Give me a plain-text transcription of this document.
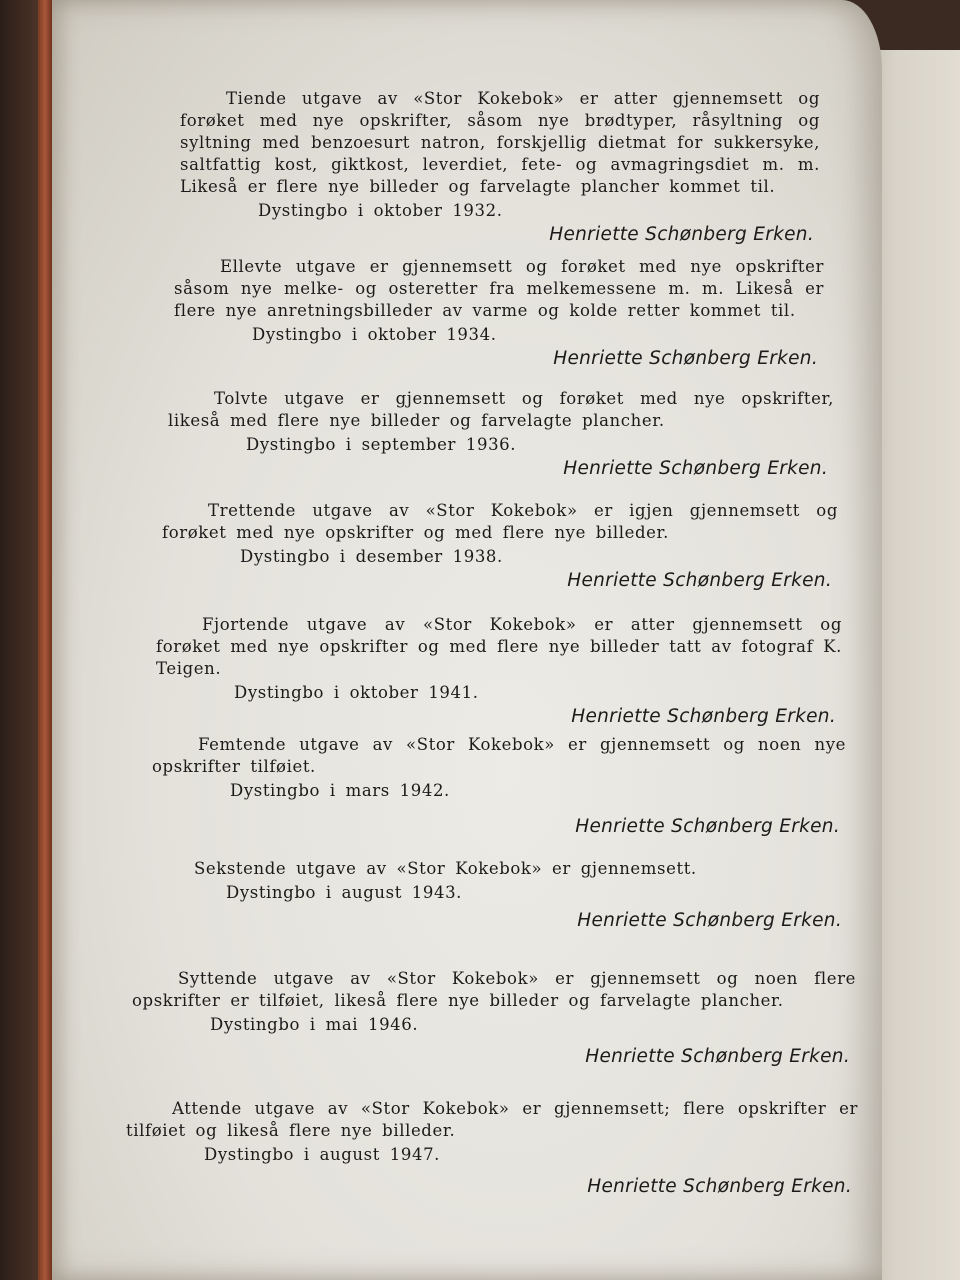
Tiende utgave av «Stor Kokebok» er atter gjennemsett og forøket med nye opskrifter, såsom nye brødtyper, råsyltning og syltning med benzoesurt natron, forskjellig dietmat for sukkersyke, saltfattig kost, giktkost, leverdiet, fete- og avmagringsdiet m. m. Likeså er flere nye billeder og farvelagte plancher kommet til.

Dystingbo i oktober 1932.

Henriette Schønberg Erken.

Ellevte utgave er gjennemsett og forøket med nye opskrifter såsom nye melke- og osteretter fra melkemessene m. m. Likeså er flere nye anretningsbilleder av varme og kolde retter kommet til.

Dystingbo i oktober 1934.

Henriette Schønberg Erken.

Tolvte utgave er gjennemsett og forøket med nye opskrifter, likeså med flere nye billeder og farvelagte plancher.

Dystingbo i september 1936.

Henriette Schønberg Erken.

Trettende utgave av «Stor Kokebok» er igjen gjennemsett og forøket med nye opskrifter og med flere nye billeder.

Dystingbo i desember 1938.

Henriette Schønberg Erken.

Fjortende utgave av «Stor Kokebok» er atter gjennemsett og forøket med nye opskrifter og med flere nye billeder tatt av fotograf K. Teigen.

Dystingbo i oktober 1941.

Henriette Schønberg Erken.

Femtende utgave av «Stor Kokebok» er gjennemsett og noen nye opskrifter tilføiet.

Dystingbo i mars 1942.

Henriette Schønberg Erken.

Sekstende utgave av «Stor Kokebok» er gjennemsett.

Dystingbo i august 1943.

Henriette Schønberg Erken.

Syttende utgave av «Stor Kokebok» er gjennemsett og noen flere opskrifter er tilføiet, likeså flere nye billeder og farvelagte plancher.

Dystingbo i mai 1946.

Henriette Schønberg Erken.

Attende utgave av «Stor Kokebok» er gjennemsett; flere opskrifter er tilføiet og likeså flere nye billeder.

Dystingbo i august 1947.

Henriette Schønberg Erken.
